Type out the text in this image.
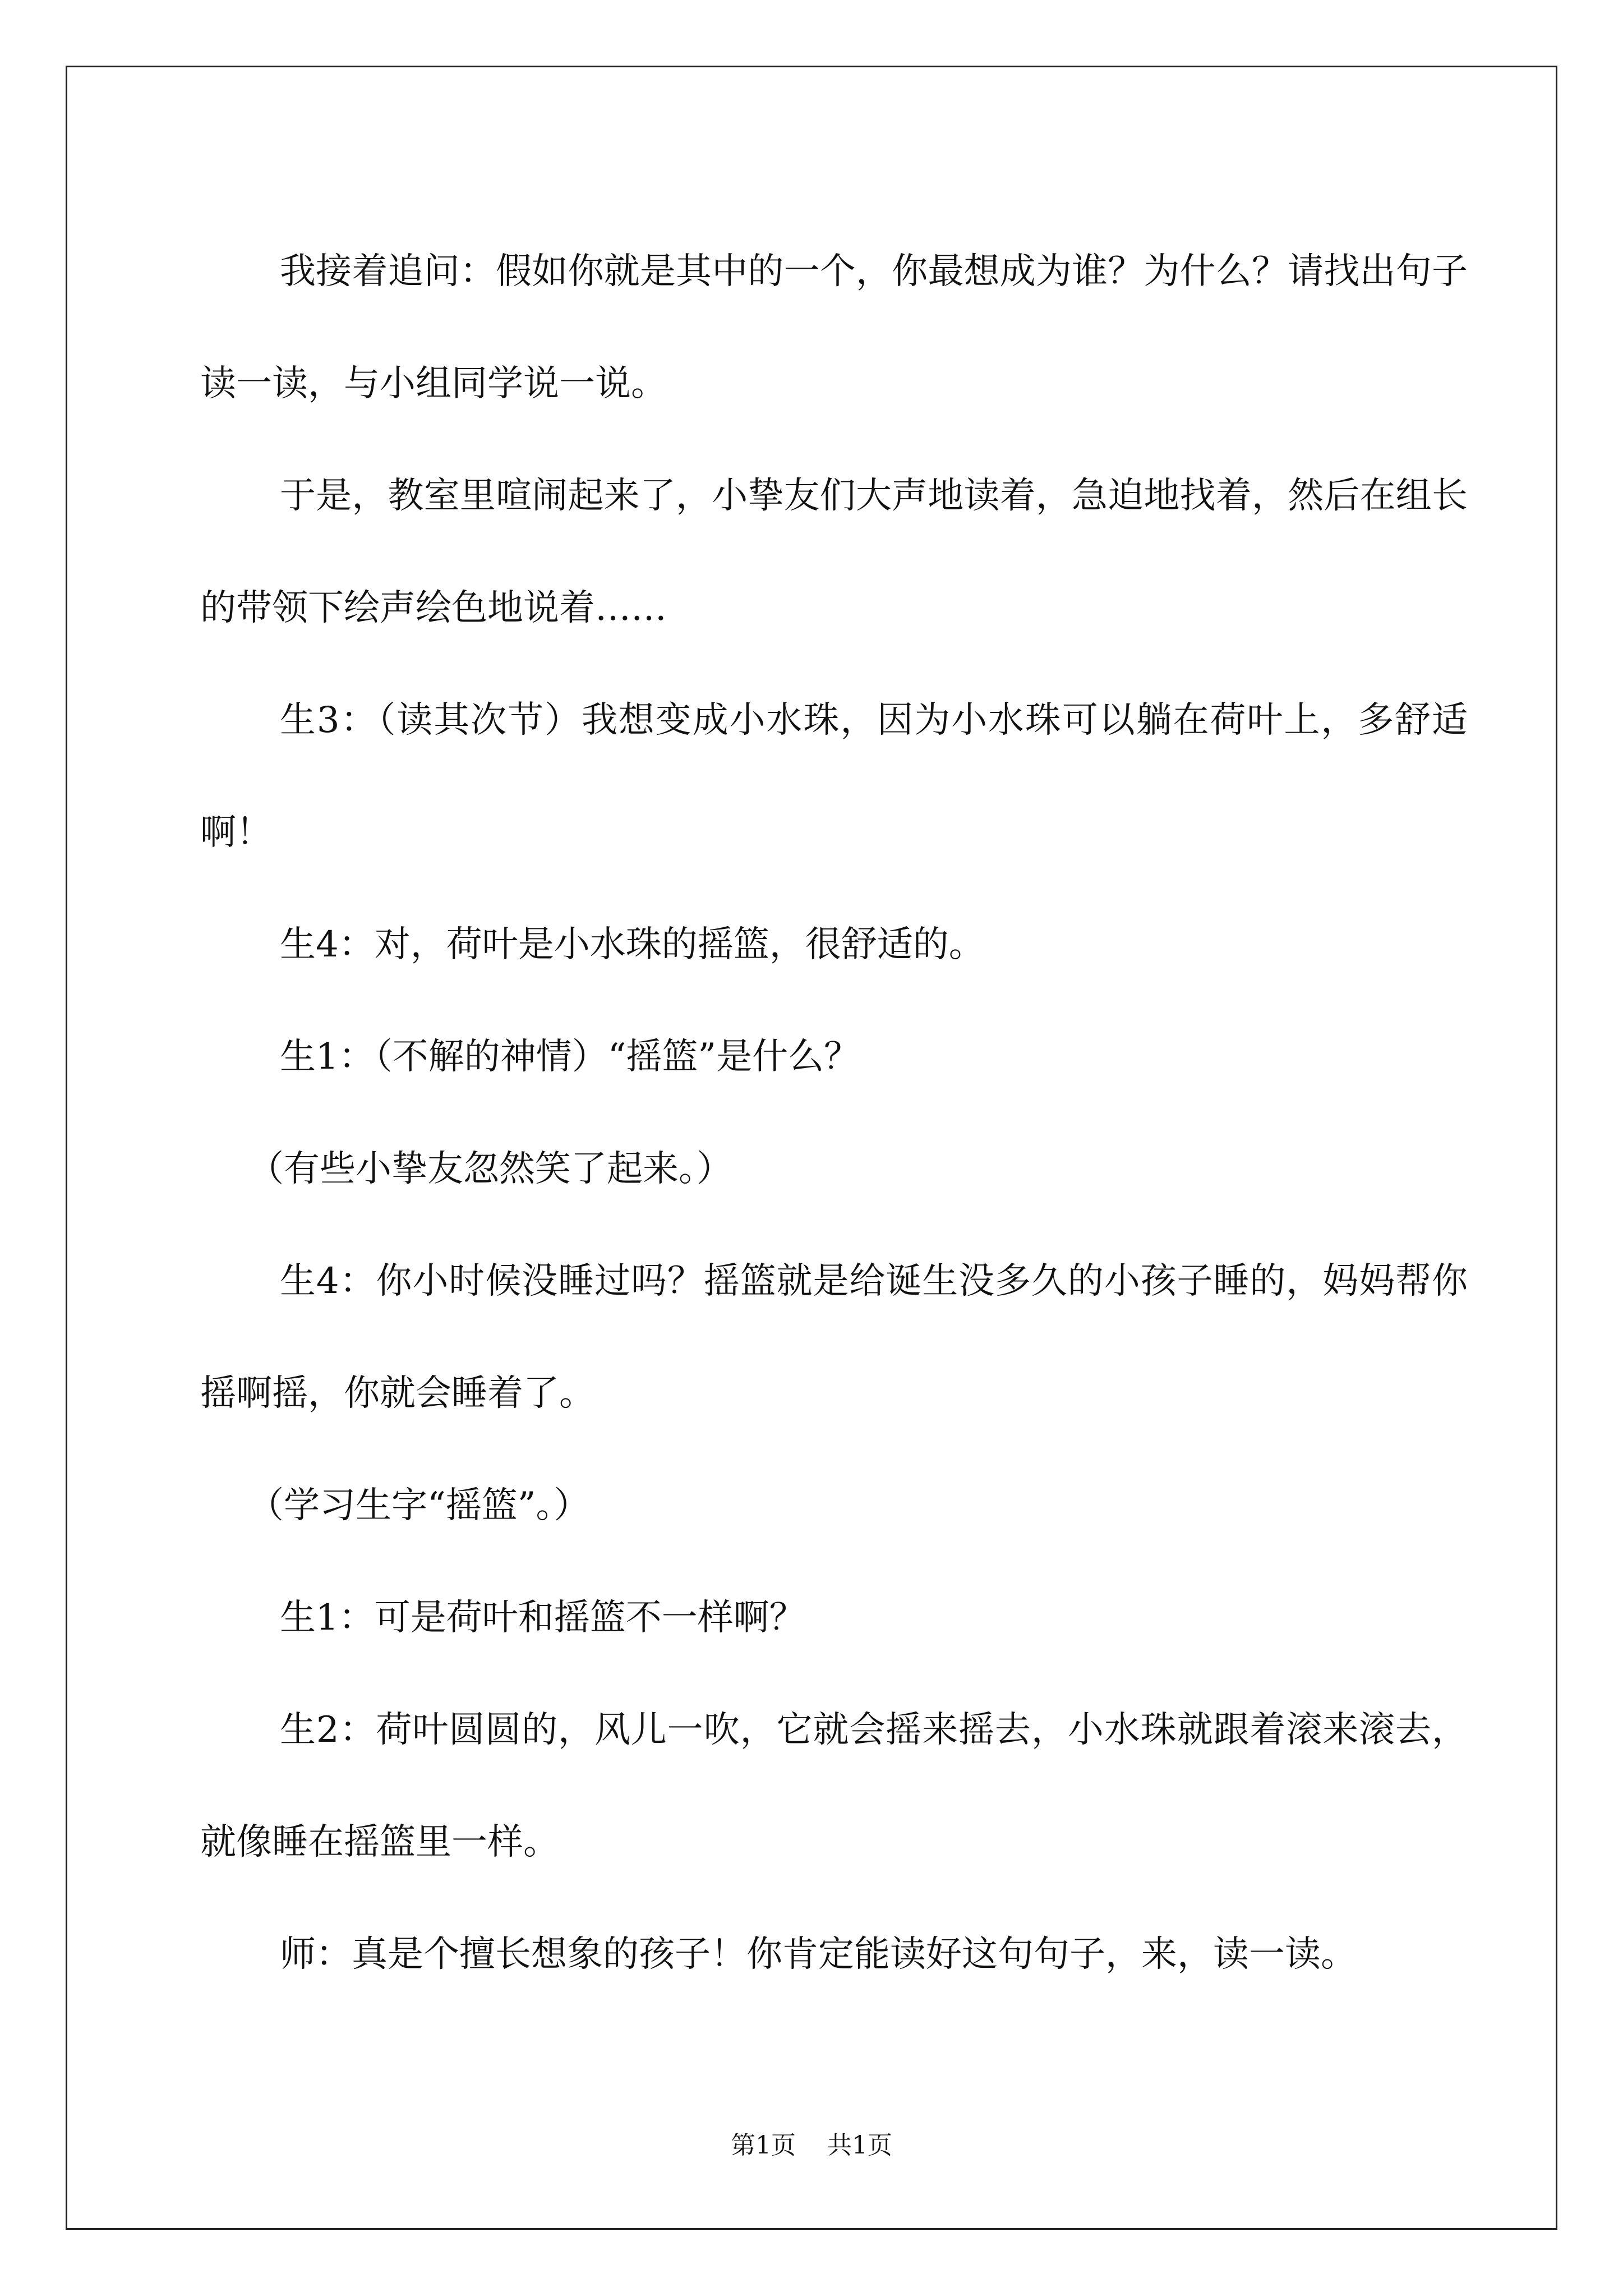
我接着追问：假如你就是其中的一个，你最想成为谁？为什么？请找出句子读一读，与小组同学说一说。

于是，教室里喧闹起来了，小挚友们大声地读着，急迫地找着，然后在组长的带领下绘声绘色地说着……

生3：（读其次节）我想变成小水珠，因为小水珠可以躺在荷叶上，多舒适啊！

生4：对，荷叶是小水珠的摇篮，很舒适的。

生1：（不解的神情）“摇篮”是什么？

（有些小挚友忽然笑了起来。）

生4：你小时候没睡过吗？摇篮就是给诞生没多久的小孩子睡的，妈妈帮你摇啊摇，你就会睡着了。

（学习生字“摇篮”。）

生1：可是荷叶和摇篮不一样啊？

生2：荷叶圆圆的，风儿一吹，它就会摇来摇去，小水珠就跟着滚来滚去，就像睡在摇篮里一样。

师：真是个擅长想象的孩子！你肯定能读好这句句子，来，读一读。

第1页 共1页
